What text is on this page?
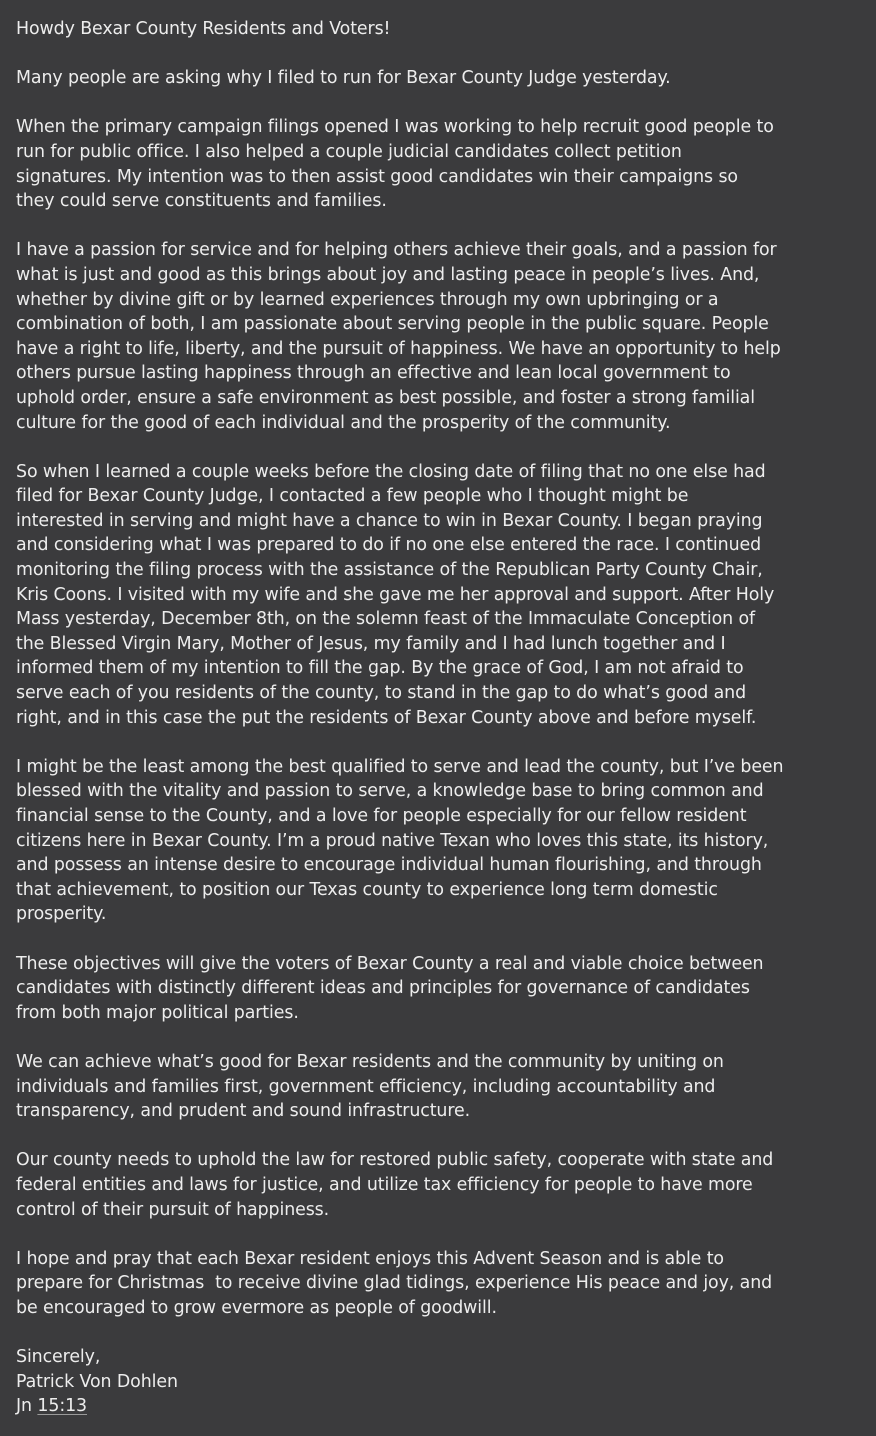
Howdy Bexar County Residents and Voters!

Many people are asking why I filed to run for Bexar County Judge yesterday.

When the primary campaign filings opened I was working to help recruit good people to
run for public office. I also helped a couple judicial candidates collect petition
signatures. My intention was to then assist good candidates win their campaigns so
they could serve constituents and families.

I have a passion for service and for helping others achieve their goals, and a passion for
what is just and good as this brings about joy and lasting peace in people’s lives. And,
whether by divine gift or by learned experiences through my own upbringing or a
combination of both, I am passionate about serving people in the public square. People
have a right to life, liberty, and the pursuit of happiness. We have an opportunity to help
others pursue lasting happiness through an effective and lean local government to
uphold order, ensure a safe environment as best possible, and foster a strong familial
culture for the good of each individual and the prosperity of the community.

So when I learned a couple weeks before the closing date of filing that no one else had
filed for Bexar County Judge, I contacted a few people who I thought might be
interested in serving and might have a chance to win in Bexar County. I began praying
and considering what I was prepared to do if no one else entered the race. I continued
monitoring the filing process with the assistance of the Republican Party County Chair,
Kris Coons. I visited with my wife and she gave me her approval and support. After Holy
Mass yesterday, December 8th, on the solemn feast of the Immaculate Conception of
the Blessed Virgin Mary, Mother of Jesus, my family and I had lunch together and I
informed them of my intention to fill the gap. By the grace of God, I am not afraid to
serve each of you residents of the county, to stand in the gap to do what’s good and
right, and in this case the put the residents of Bexar County above and before myself.

I might be the least among the best qualified to serve and lead the county, but I’ve been
blessed with the vitality and passion to serve, a knowledge base to bring common and
financial sense to the County, and a love for people especially for our fellow resident
citizens here in Bexar County. I’m a proud native Texan who loves this state, its history,
and possess an intense desire to encourage individual human flourishing, and through
that achievement, to position our Texas county to experience long term domestic
prosperity.

These objectives will give the voters of Bexar County a real and viable choice between
candidates with distinctly different ideas and principles for governance of candidates
from both major political parties.

We can achieve what’s good for Bexar residents and the community by uniting on
individuals and families first, government efficiency, including accountability and
transparency, and prudent and sound infrastructure.

Our county needs to uphold the law for restored public safety, cooperate with state and
federal entities and laws for justice, and utilize tax efficiency for people to have more
control of their pursuit of happiness.

I hope and pray that each Bexar resident enjoys this Advent Season and is able to
prepare for Christmas  to receive divine glad tidings, experience His peace and joy, and
be encouraged to grow evermore as people of goodwill.

Sincerely,
Patrick Von Dohlen
Jn 15:13
